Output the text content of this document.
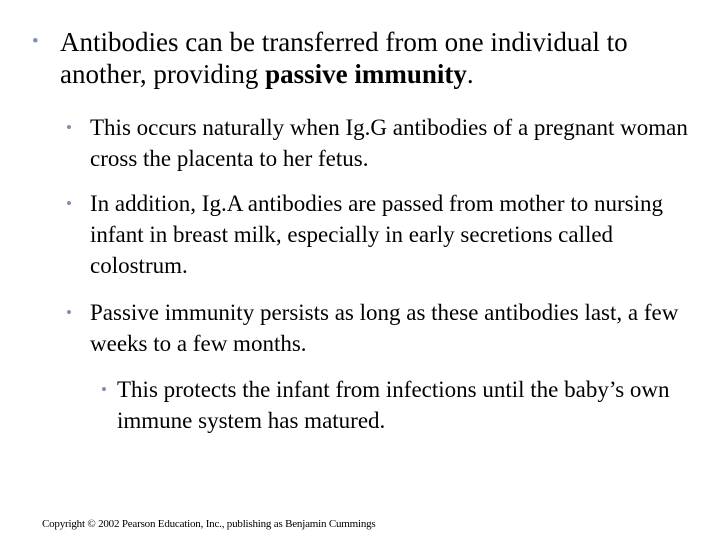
• Antibodies can be transferred from one individual to another, providing passive immunity.
• This occurs naturally when Ig.G antibodies of a pregnant woman cross the placenta to her fetus.
• In addition, Ig.A antibodies are passed from mother to nursing infant in breast milk, especially in early secretions called colostrum.
• Passive immunity persists as long as these antibodies last, a few weeks to a few months.
• This protects the infant from infections until the baby’s own immune system has matured.
Copyright © 2002 Pearson Education, Inc., publishing as Benjamin Cummings
